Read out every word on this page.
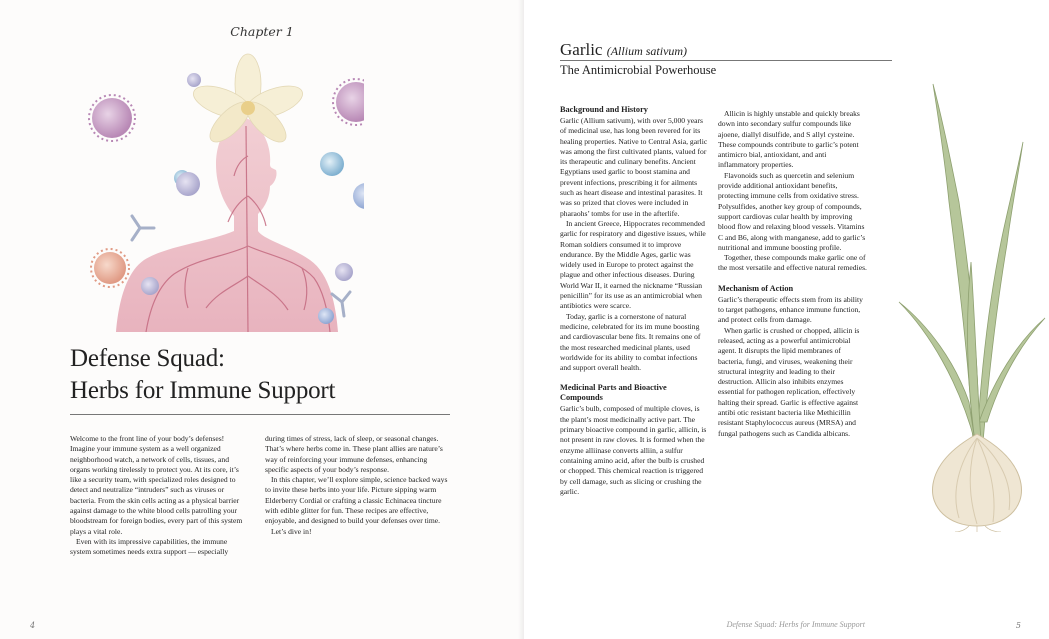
Chapter 1
Defense Squad:
Herbs for Immune Support

Welcome to the front line of your body’s defenses! Imagine your immune system as a well organized neighborhood watch, a network of cells, tissues, and organs working tirelessly to protect you. At its core, it’s like a security team, with specialized roles designed to detect and neutralize “intruders” such as viruses or bacteria. From the skin cells acting as a physical barrier against damage to the white blood cells patrolling your bloodstream for foreign bodies, every part of this system plays a vital role.

Even with its impressive capabilities, the immune system sometimes needs extra support — especially

during times of stress, lack of sleep, or seasonal changes. That’s where herbs come in. These plant allies are nature’s way of reinforcing your immune defenses, enhancing specific aspects of your body’s response.

In this chapter, we’ll explore simple, science backed ways to invite these herbs into your life. Picture sipping warm Elderberry Cordial or crafting a classic Echinacea tincture with edible glitter for fun. These recipes are effective, enjoyable, and designed to build your defenses over time.

Let’s dive in!

4
Garlic (Allium sativum)
The Antimicrobial Powerhouse
Background and History

Garlic (Allium sativum), with over 5,000 years of medicinal use, has long been revered for its healing properties. Native to Central Asia, garlic was among the first cultivated plants, valued for its therapeutic and culinary benefits. Ancient Egyptians used garlic to boost stamina and prevent infections, prescribing it for ailments such as heart disease and intestinal parasites. It was so prized that cloves were included in pharaohs’ tombs for use in the afterlife.

In ancient Greece, Hippocrates recommended garlic for respiratory and digestive issues, while Roman soldiers consumed it to improve endurance. By the Middle Ages, garlic was widely used in Europe to protect against the plague and other infectious diseases. During World War II, it earned the nickname “Russian penicillin” for its use as an antimicrobial when antibiotics were scarce.

Today, garlic is a cornerstone of natural medicine, celebrated for its im mune boosting and cardiovascular bene fits. It remains one of the most researched medicinal plants, used worldwide for its ability to combat infections and support overall health.

Medicinal Parts and Bioactive Compounds

Garlic’s bulb, composed of multiple cloves, is the plant’s most medicinally active part. The primary bioactive compound in garlic, allicin, is not present in raw cloves. It is formed when the enzyme alliinase converts alliin, a sulfur containing amino acid, after the bulb is crushed or chopped. This chemical reaction is triggered by cell damage, such as slicing or crushing the garlic.

Allicin is highly unstable and quickly breaks down into secondary sulfur compounds like ajoene, diallyl disulfide, and S allyl cysteine. These compounds contribute to garlic’s potent antimicro bial, antioxidant, and anti inflammatory properties.

Flavonoids such as quercetin and selenium provide additional antioxidant benefits, protecting immune cells from oxidative stress. Polysulfides, another key group of compounds, support cardiovas cular health by improving blood flow and relaxing blood vessels. Vitamins C and B6, along with manganese, add to garlic’s nutritional and immune boosting profile.

Together, these compounds make garlic one of the most versatile and effective natural remedies.

Mechanism of Action

Garlic’s therapeutic effects stem from its ability to target pathogens, enhance immune function, and protect cells from damage.

When garlic is crushed or chopped, allicin is released, acting as a powerful antimicrobial agent. It disrupts the lipid membranes of bacteria, fungi, and viruses, weakening their structural integrity and leading to their destruction. Allicin also inhibits enzymes essential for pathogen replication, effectively halting their spread. Garlic is effective against antibi otic resistant bacteria like Methicillin resistant Staphylococcus aureus (MRSA) and fungal pathogens such as Candida albicans.

Defense Squad: Herbs for Immune Support	5
